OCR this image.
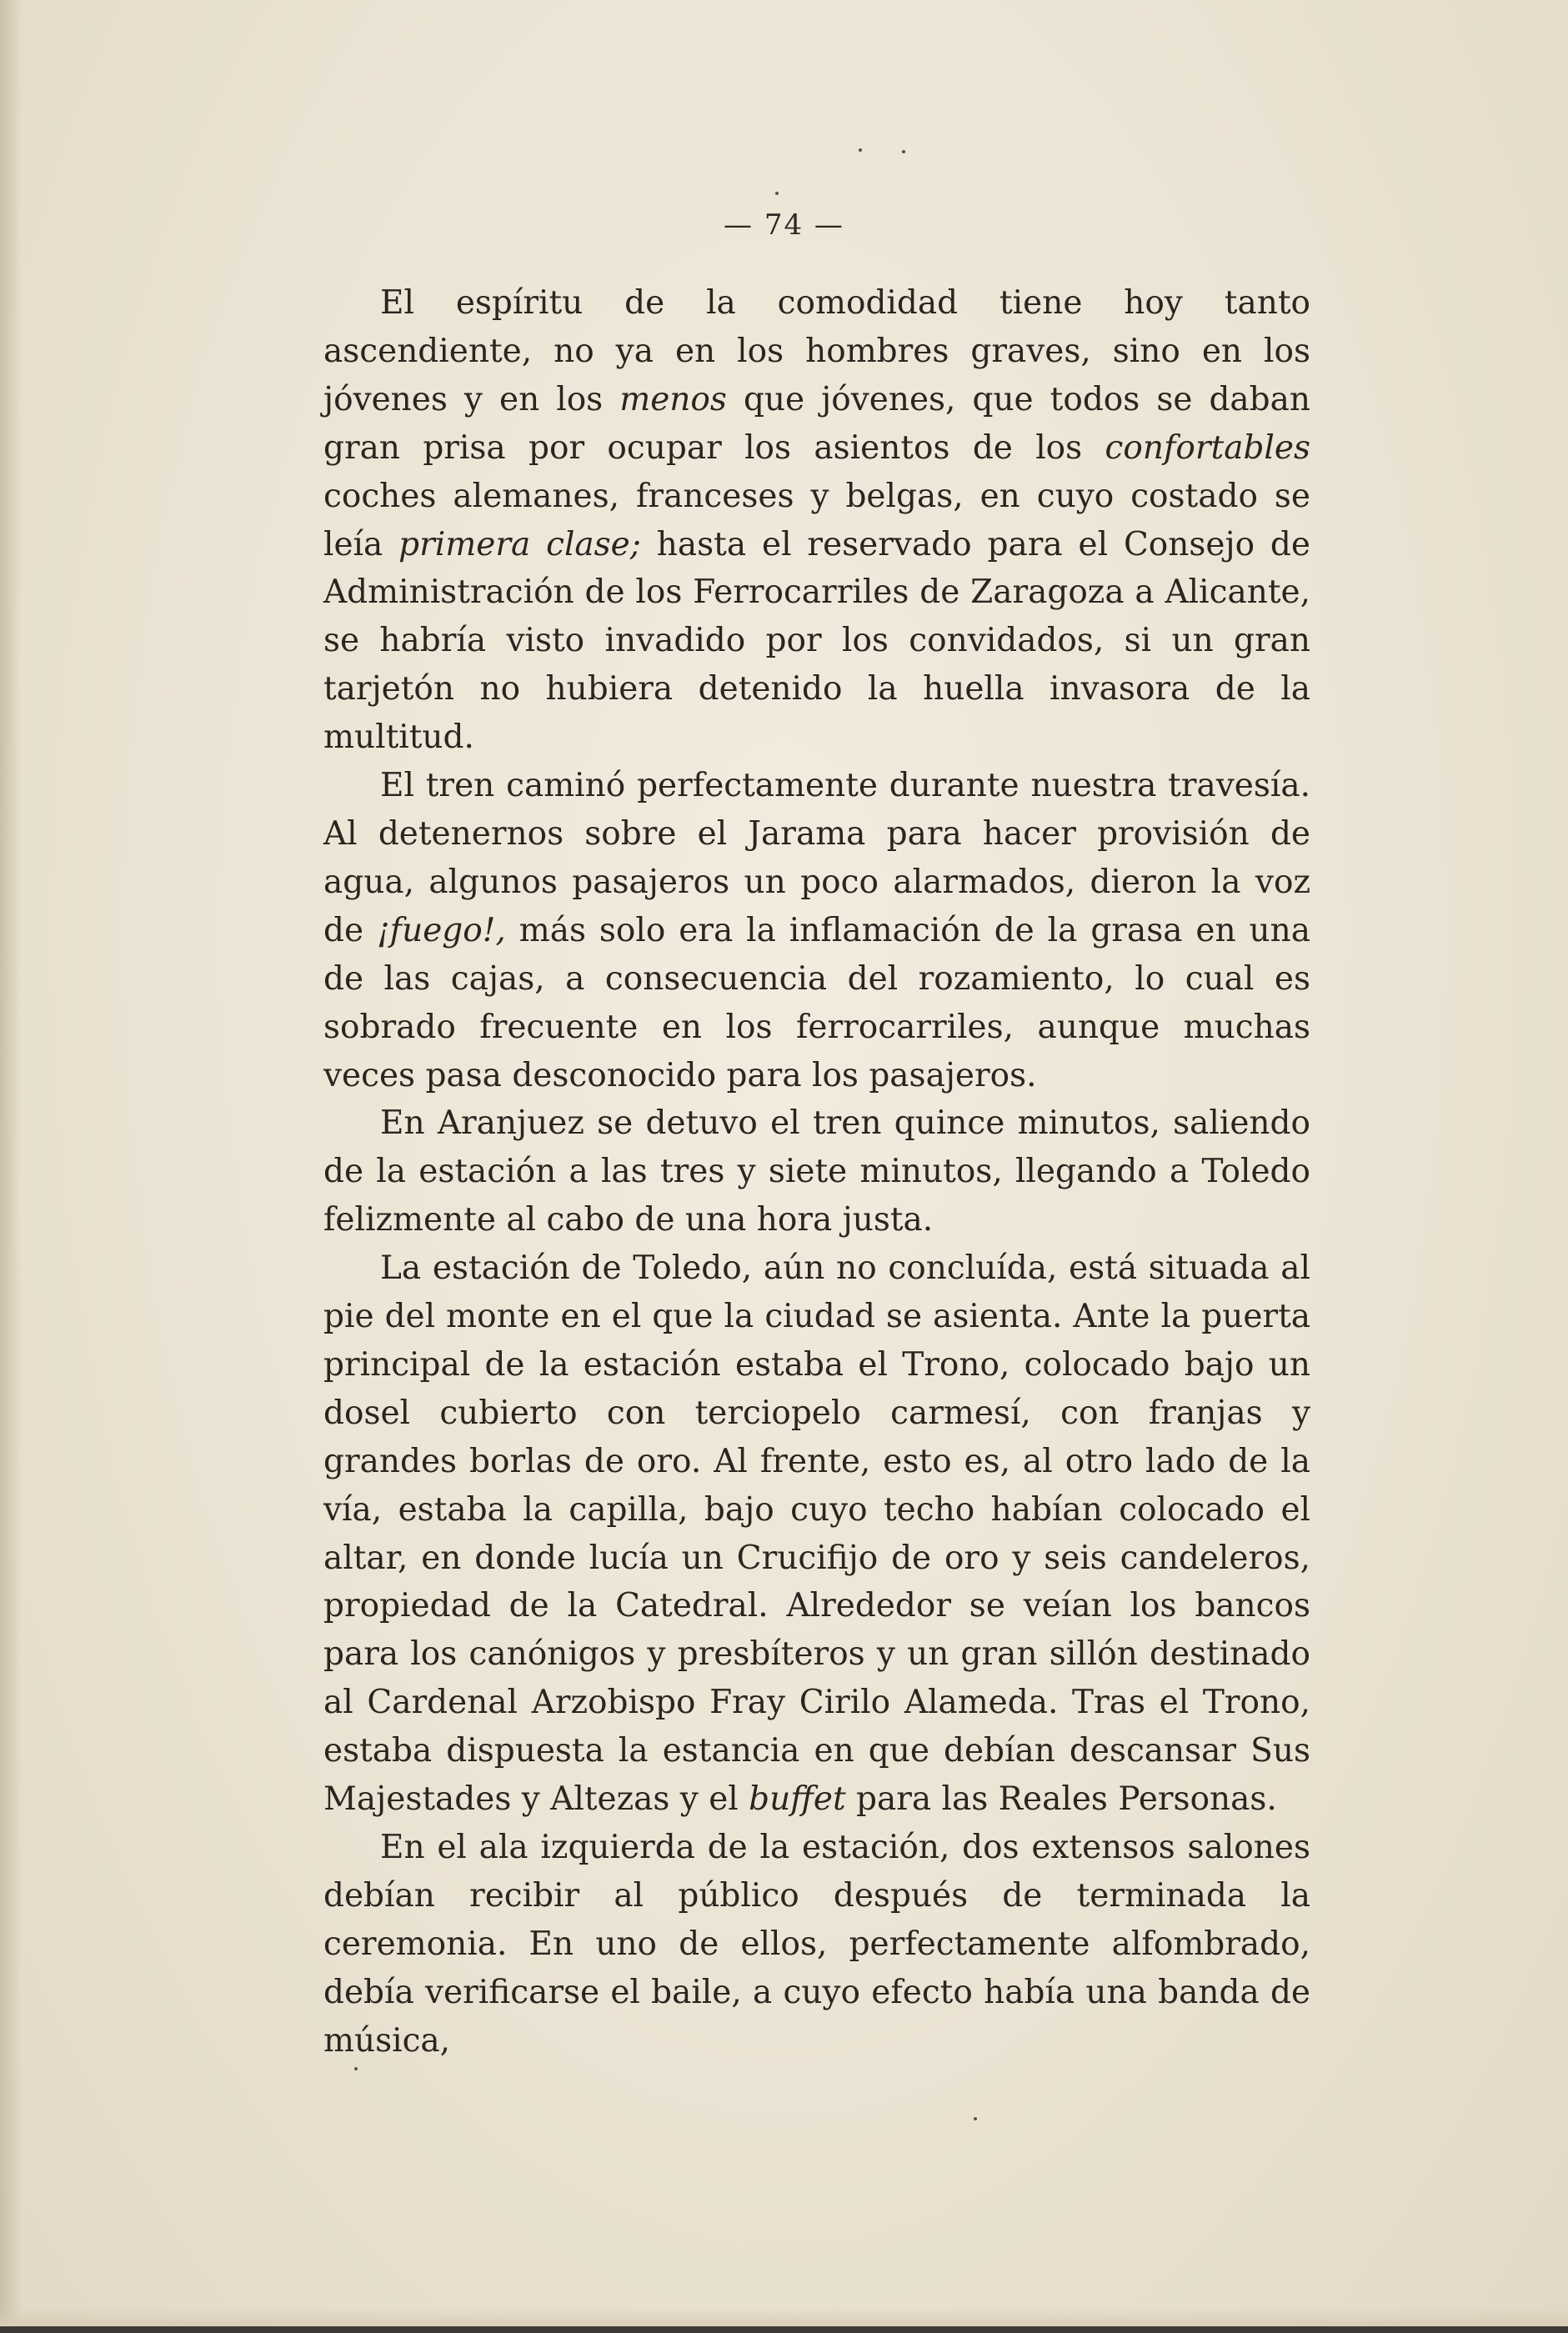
— 74 —

El espíritu de la comodidad tiene hoy tanto ascendiente, no ya en los hombres graves, sino en los jóvenes y en los menos que jóvenes, que todos se daban gran prisa por ocupar los asientos de los confortables coches alemanes, franceses y belgas, en cuyo costado se leía primera clase; hasta el reservado para el Consejo de Administración de los Ferrocarriles de Zaragoza a Alicante, se habría visto invadido por los convidados, si un gran tarjetón no hubiera detenido la huella invasora de la multitud.

El tren caminó perfectamente durante nuestra travesía. Al detenernos sobre el Jarama para hacer provisión de agua, algunos pasajeros un poco alarmados, dieron la voz de ¡fuego!, más solo era la inflamación de la grasa en una de las cajas, a consecuencia del rozamiento, lo cual es sobrado frecuente en los ferrocarriles, aunque muchas veces pasa desconocido para los pasajeros.

En Aranjuez se detuvo el tren quince minutos, saliendo de la estación a las tres y siete minutos, llegando a Toledo felizmente al cabo de una hora justa.

La estación de Toledo, aún no concluída, está situada al pie del monte en el que la ciudad se asienta. Ante la puerta principal de la estación estaba el Trono, colocado bajo un dosel cubierto con terciopelo carmesí, con franjas y grandes borlas de oro. Al frente, esto es, al otro lado de la vía, estaba la capilla, bajo cuyo techo habían colocado el altar, en donde lucía un Crucifijo de oro y seis candeleros, propiedad de la Catedral. Alrededor se veían los bancos para los canónigos y presbíteros y un gran sillón destinado al Cardenal Arzobispo Fray Cirilo Alameda. Tras el Trono, estaba dispuesta la estancia en que debían descansar Sus Majestades y Altezas y el buffet para las Reales Personas.

En el ala izquierda de la estación, dos extensos salones debían recibir al público después de terminada la ceremonia. En uno de ellos, perfectamente alfombrado, debía verificarse el baile, a cuyo efecto había una banda de música,
